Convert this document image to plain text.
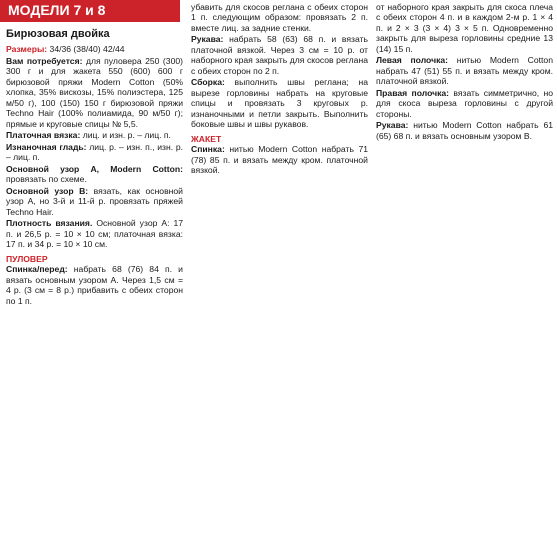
МОДЕЛИ 7 и 8
Бирюзовая двойка

Размеры: 34/36 (38/40) 42/44

Вам потребуется: для пуловера 250 (300) 300 г и для жакета 550 (600) 600 г бирюзовой пряжи Modern Cotton (50% хлопка, 35% вискозы, 15% полиэстера, 125 м/50 г), 100 (150) 150 г бирюзовой пряжи Techno Hair (100% полиамида, 90 м/50 г); прямые и круговые спицы № 5,5.

Платочная вязка: лиц. и изн. р. – лиц. п.

Изнаночная гладь: лиц. р. – изн. п., изн. р. – лиц. п.

Основной узор А, Modern Cotton: провязать по схеме.

Основной узор В: вязать, как основной узор А, но 3-й и 11-й р. провязать пряжей Techno Hair.

Плотность вязания. Основной узор А: 17 п. и 26,5 р. = 10 × 10 см; платочная вязка: 17 п. и 34 р. = 10 × 10 см.

ПУЛОВЕР

Спинка/перед: набрать 68 (76) 84 п. и вязать основным узором А. Через 1,5 см = 4 р. (3 см = 8 р.) прибавить с обеих сторон по 1 п.

убавить для скосов реглана с обеих сторон 1 п. следующим образом: провязать 2 п. вместе лиц. за задние стенки.

Рукава: набрать 58 (63) 68 п. и вязать платочной вязкой. Через 3 см = 10 р. от наборного края закрыть для скосов реглана с обеих сторон по 2 п.

Сборка: выполнить швы реглана; на вырезе горловины набрать на круговые спицы и провязать 3 круговых р. изнаночными и петли закрыть. Выполнить боковые швы и швы рукавов.

ЖАКЕТ

Спинка: нитью Modern Cotton набрать 71 (78) 85 п. и вязать между кром. платочной вязкой.

от наборного края закрыть для скоса плеча с обеих сторон 4 п. и в каждом 2-м р. 1 × 4 п. и 2 × 3 (3 × 4) 3 × 5 п. Одновременно закрыть для выреза горловины средние 13 (14) 15 п.

Левая полочка: нитью Modern Cotton набрать 47 (51) 55 п. и вязать между кром. платочной вязкой.

Правая полочка: вязать симметрично, но для скоса выреза горловины с другой стороны.

Рукава: нитью Modern Cotton набрать 61 (65) 68 п. и вязать основным узором В.
